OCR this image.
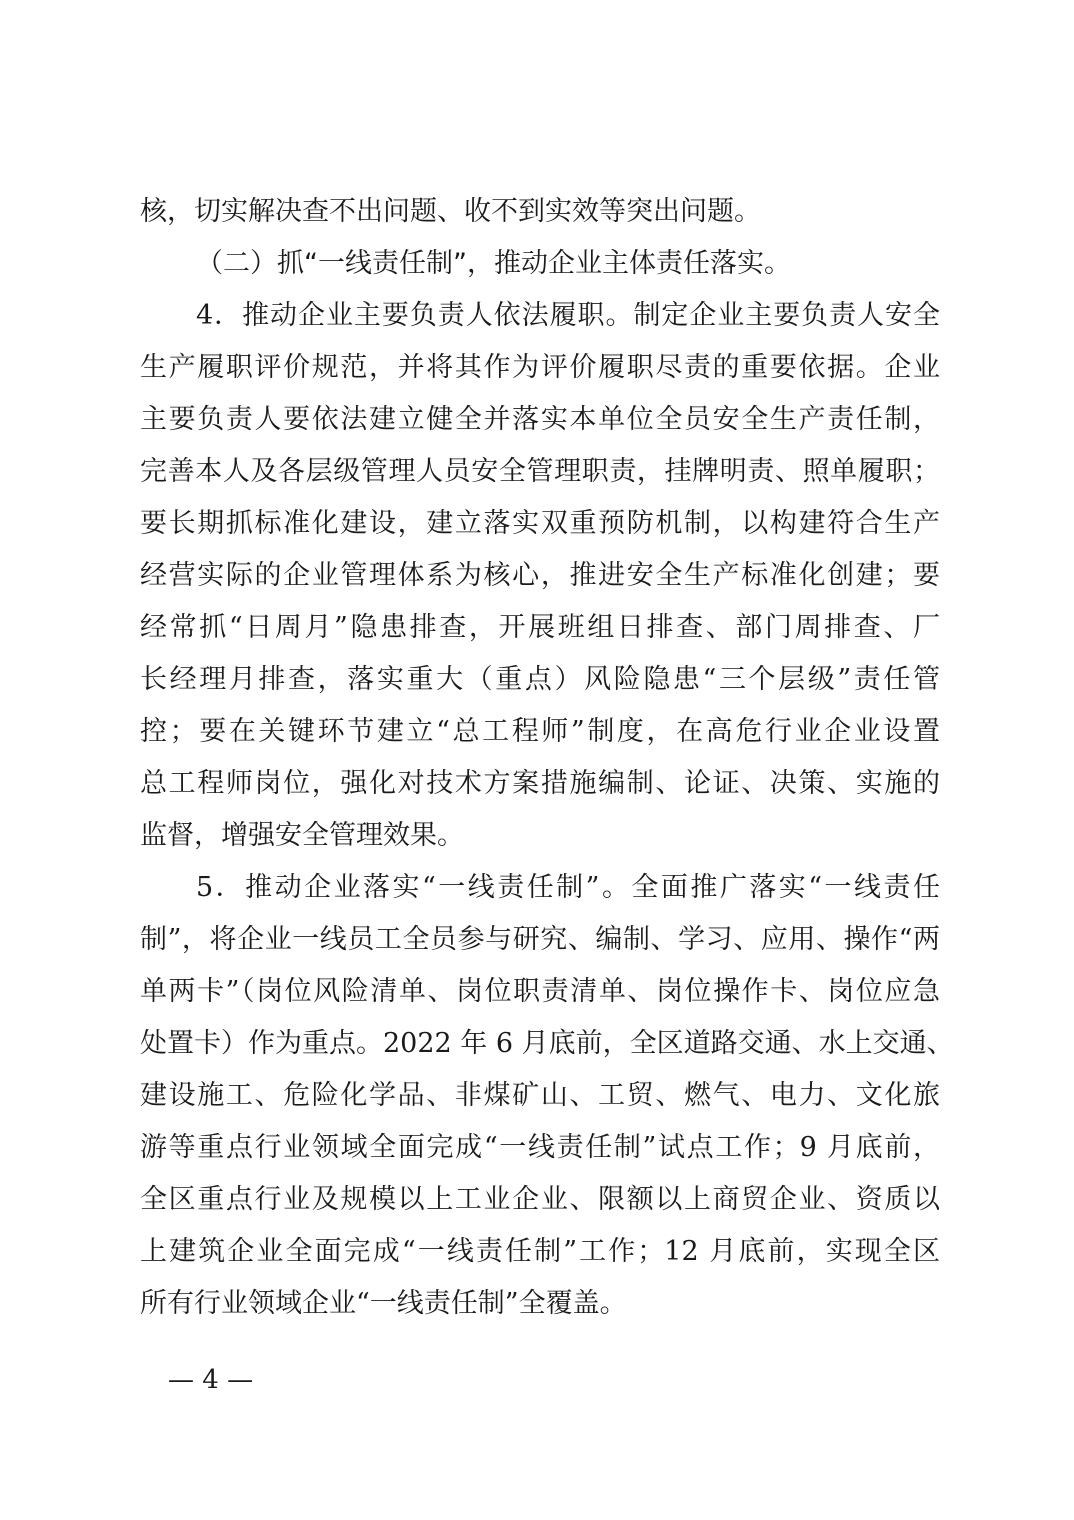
核，切实解决查不出问题、收不到实效等突出问题。
（二）抓“一线责任制”，推动企业主体责任落实。
4．推动企业主要负责人依法履职。制定企业主要负责人安全
生产履职评价规范，并将其作为评价履职尽责的重要依据。企业
主要负责人要依法建立健全并落实本单位全员安全生产责任制，
完善本人及各层级管理人员安全管理职责，挂牌明责、照单履职；
要长期抓标准化建设，建立落实双重预防机制，以构建符合生产
经营实际的企业管理体系为核心，推进安全生产标准化创建；要
经常抓“日周月”隐患排查，开展班组日排查、部门周排查、厂
长经理月排查，落实重大（重点）风险隐患“三个层级”责任管
控；要在关键环节建立“总工程师”制度，在高危行业企业设置
总工程师岗位，强化对技术方案措施编制、论证、决策、实施的
监督，增强安全管理效果。
5．推动企业落实“一线责任制”。全面推广落实“一线责任
制”，将企业一线员工全员参与研究、编制、学习、应用、操作“两
单两卡”（岗位风险清单、岗位职责清单、岗位操作卡、岗位应急
处置卡）作为重点。2022 年 6 月底前，全区道路交通、水上交通、
建设施工、危险化学品、非煤矿山、工贸、燃气、电力、文化旅
游等重点行业领域全面完成“一线责任制”试点工作；9 月底前，
全区重点行业及规模以上工业企业、限额以上商贸企业、资质以
上建筑企业全面完成“一线责任制”工作；12 月底前，实现全区
所有行业领域企业“一线责任制”全覆盖。
— 4 —
